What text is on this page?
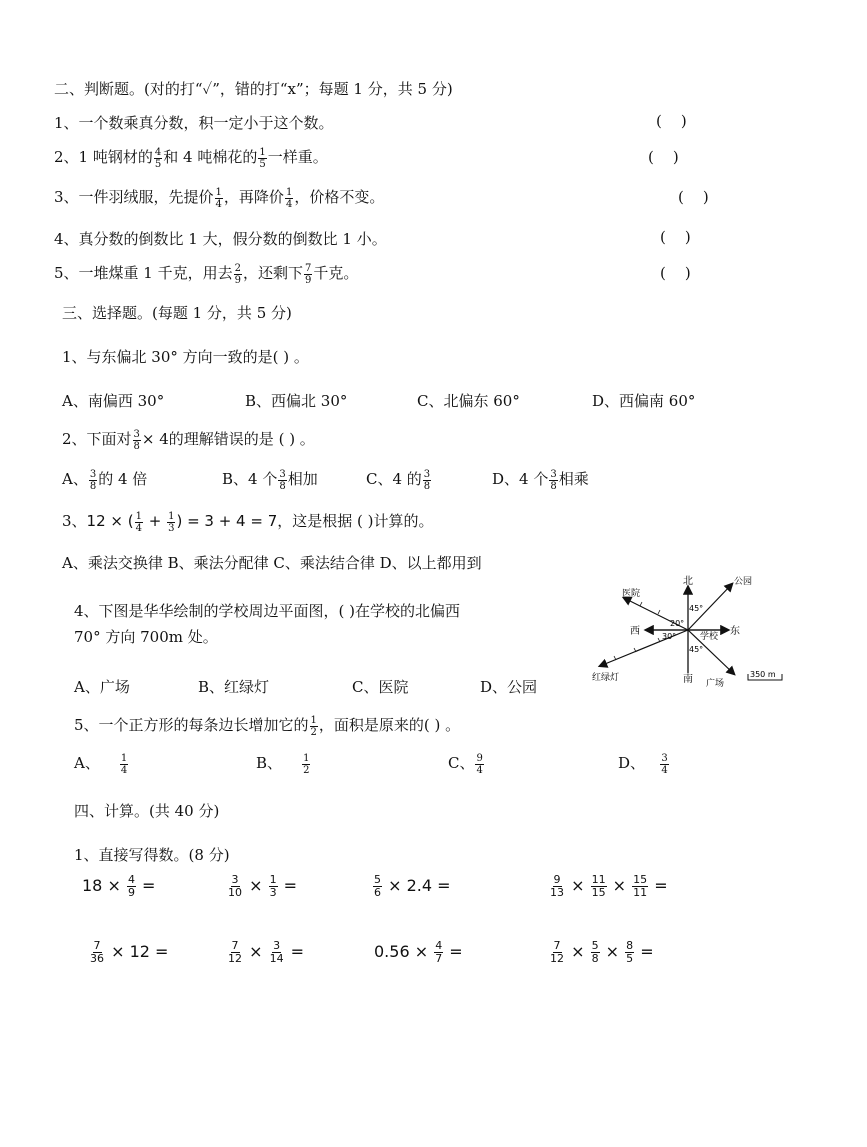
二、判断题。(对的打“✓”，错的打“x”；每题 1 分，共 5 分)
1、一个数乘真分数，积一定小于这个数。	(    )
2、1 吨钢材的 $\frac{4}{5}$ 和 4 吨棉花的 $\frac{1}{5}$ 一样重。	(    )
3、一件羽绒服，先提价 $\frac{1}{4}$ ，再降价 $\frac{1}{4}$ ，价格不变。	(    )
4、真分数的倒数比 1 大，假分数的倒数比 1 小。	(    )
5、一堆煤重 1 千克，用去 $\frac{2}{9}$ ，还剩下 $\frac{7}{9}$ 千克。	(    )
三、选择题。(每题 1 分，共 5 分)
1、与东偏北 30° 方向一致的是( ) 。
A、南偏西 30°	B、西偏北 30°	C、北偏东 60°	D、西偏南 60°
2、下面对 $\frac{3}{8} \times 4$的理解错误的是 ( ) 。
A、 $\frac{3}{8}$ 的 4 倍	B、4 个 $\frac{3}{8}$ 相加	C、4 的 $\frac{3}{8}$	D、4 个 $\frac{3}{8}$ 相乘
3、12 × ( $\frac{1}{4} + \frac{1}{3}$ ) = 3 + 4 = 7，这是根据 ( )计算的。
A、乘法交换律 B、乘法分配律 C、乘法结合律 D、以上都用到
4、下图是华华绘制的学校周边平面图，( )在学校的北偏西
70° 方向 700m 处。
北
南
东
西
公园
医院
学校
红绿灯
广场
45°
20°
30°
45°
350 m
A、广场	B、红绿灯	C、医院	D、公园
5、一个正方形的每条边长增加它的 $\frac{1}{2}$ ，面积是原来的( ) 。
A、 $\frac{1}{4}$	B、 $\frac{1}{2}$	C、 $\frac{9}{4}$	D、 $\frac{3}{4}$
四、计算。(共 40 分)
1、直接写得数。(8 分)
$18 \times \frac{4}{9}$ =	$\frac{3}{10} \times \frac{1}{3}$ =	$\frac{5}{6} \times 2.4$ =	$\frac{9}{13} \times \frac{11}{15} \times \frac{15}{11}$ =
$\frac{7}{36} \times 12$ =	$\frac{7}{12} \times \frac{3}{14}$ =	$0.56 \times \frac{4}{7}$ =	$\frac{7}{12} \times \frac{5}{8} \times \frac{8}{5}$ =
